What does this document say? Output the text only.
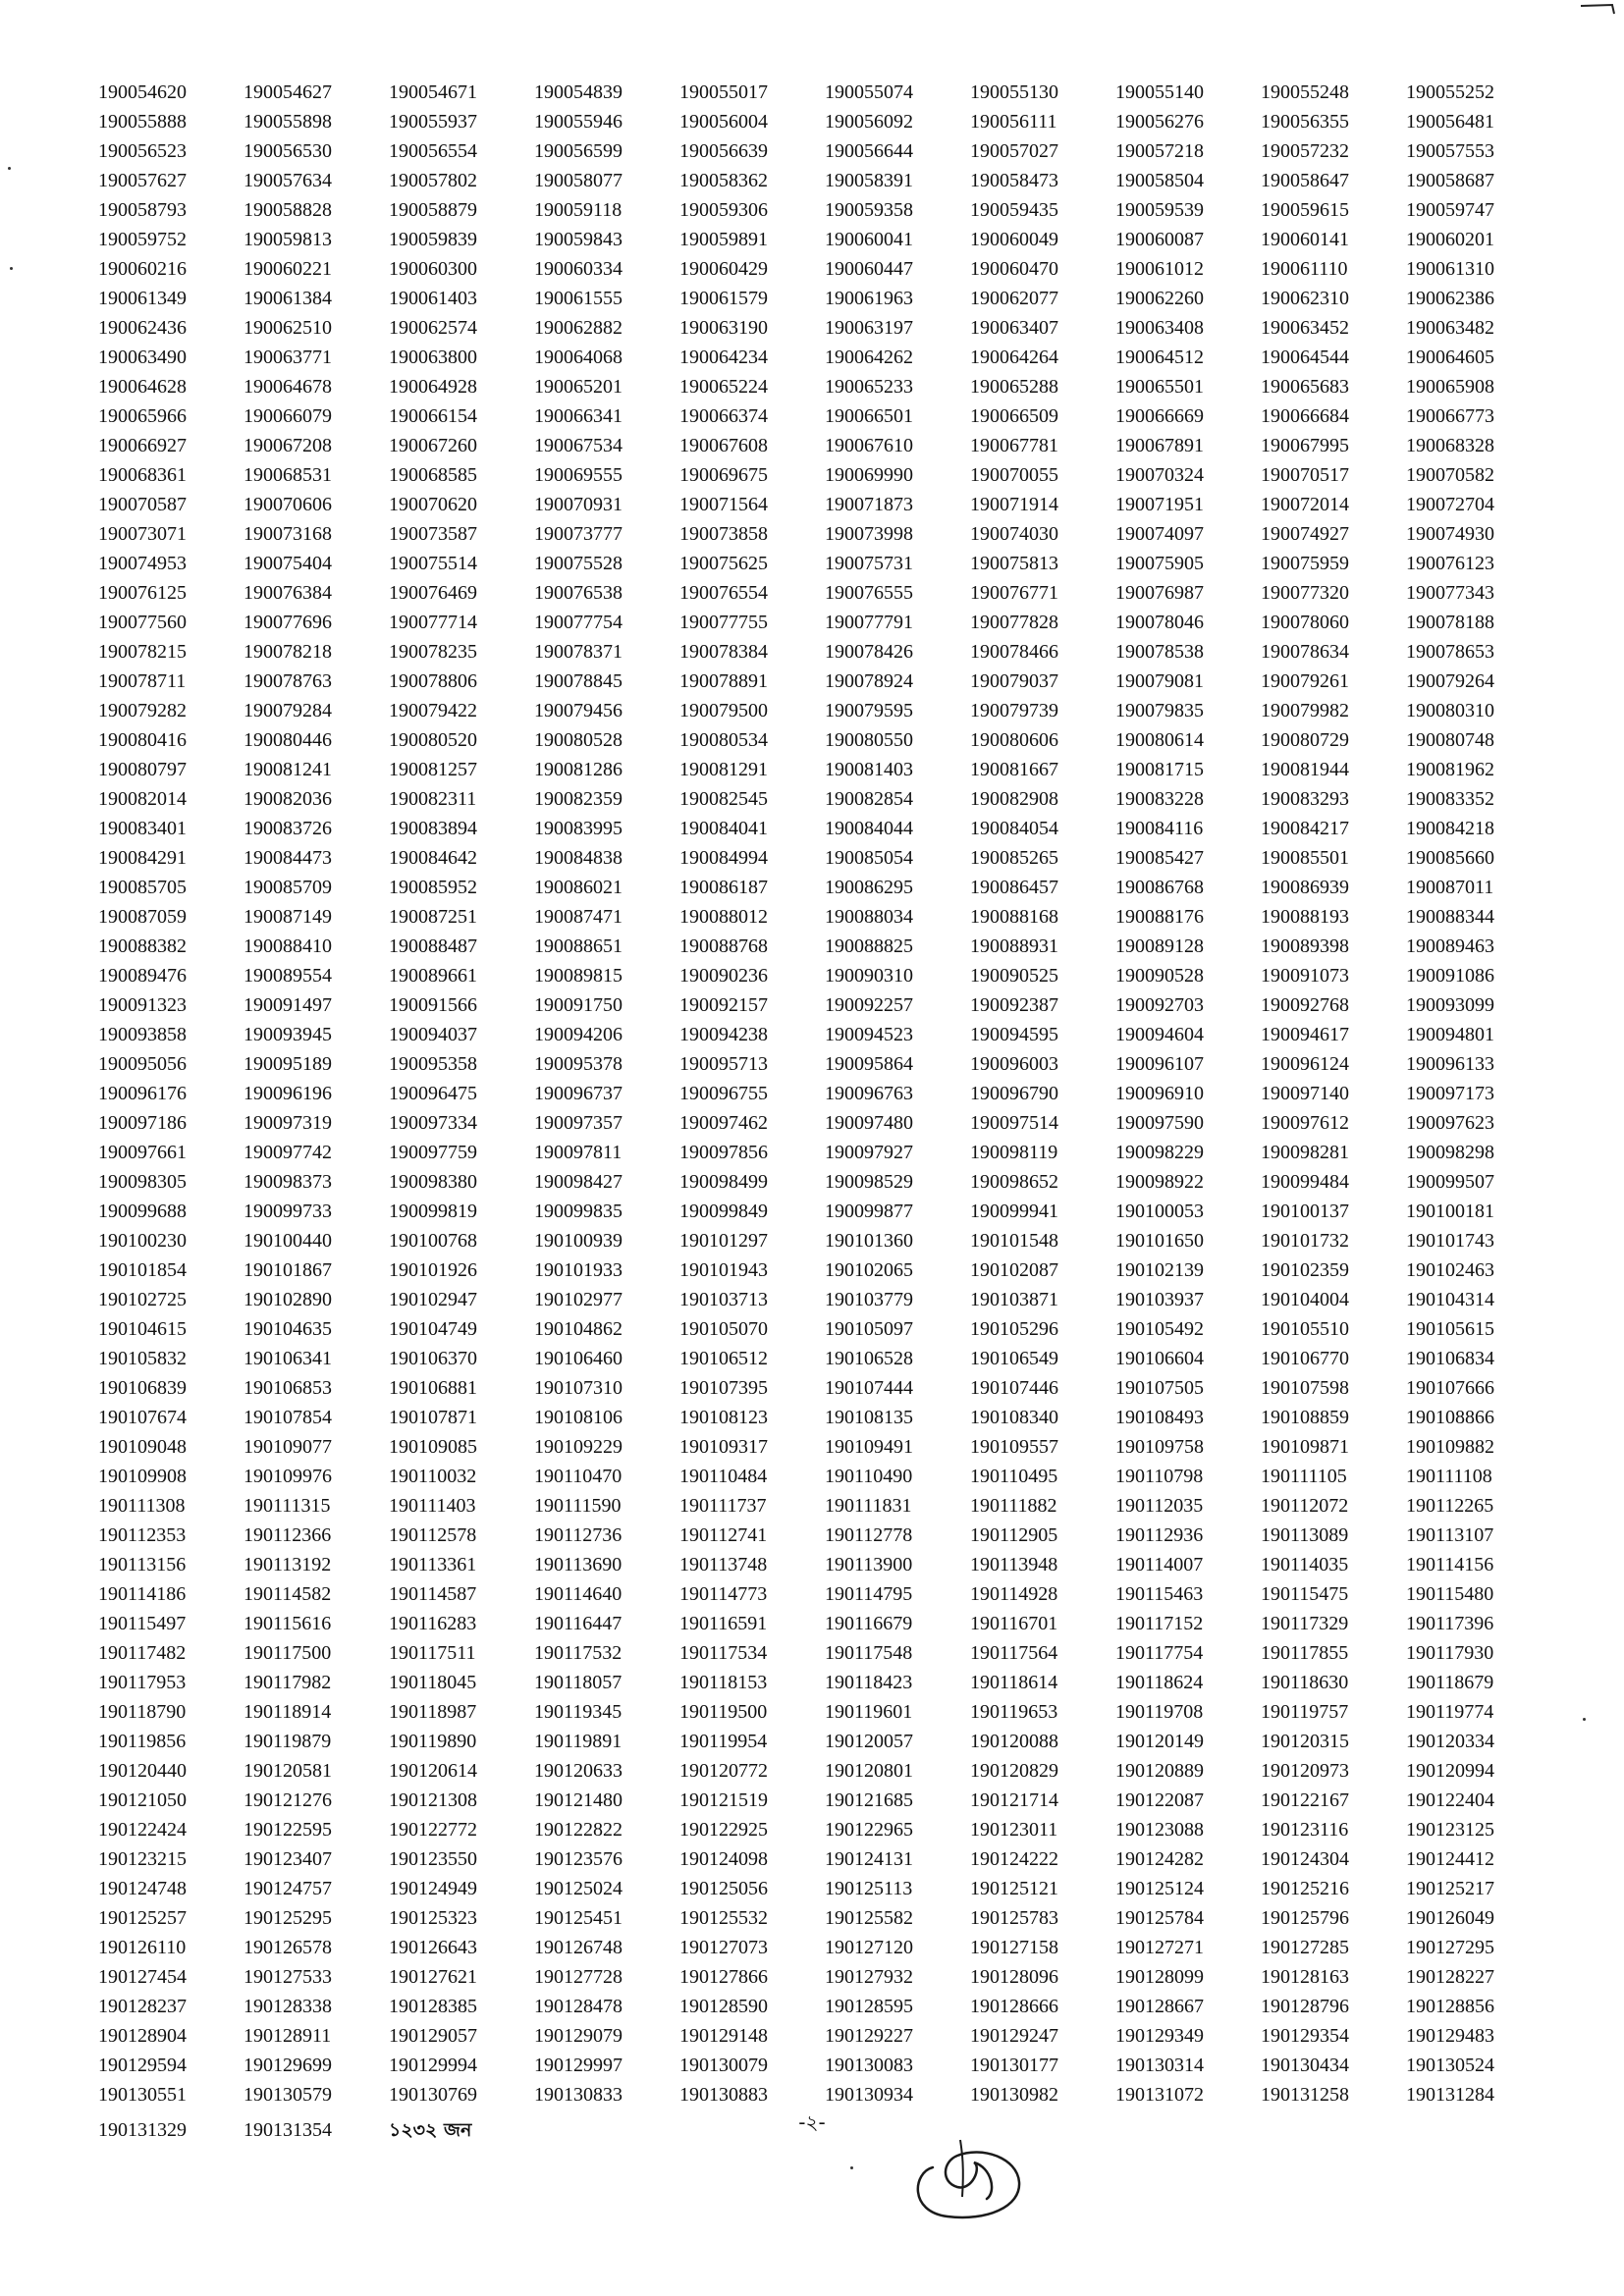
190054620	190054627	190054671	190054839	190055017	190055074	190055130	190055140	190055248	190055252
190055888	190055898	190055937	190055946	190056004	190056092	190056111	190056276	190056355	190056481
190056523	190056530	190056554	190056599	190056639	190056644	190057027	190057218	190057232	190057553
190057627	190057634	190057802	190058077	190058362	190058391	190058473	190058504	190058647	190058687
190058793	190058828	190058879	190059118	190059306	190059358	190059435	190059539	190059615	190059747
190059752	190059813	190059839	190059843	190059891	190060041	190060049	190060087	190060141	190060201
190060216	190060221	190060300	190060334	190060429	190060447	190060470	190061012	190061110	190061310
190061349	190061384	190061403	190061555	190061579	190061963	190062077	190062260	190062310	190062386
190062436	190062510	190062574	190062882	190063190	190063197	190063407	190063408	190063452	190063482
190063490	190063771	190063800	190064068	190064234	190064262	190064264	190064512	190064544	190064605
190064628	190064678	190064928	190065201	190065224	190065233	190065288	190065501	190065683	190065908
190065966	190066079	190066154	190066341	190066374	190066501	190066509	190066669	190066684	190066773
190066927	190067208	190067260	190067534	190067608	190067610	190067781	190067891	190067995	190068328
190068361	190068531	190068585	190069555	190069675	190069990	190070055	190070324	190070517	190070582
190070587	190070606	190070620	190070931	190071564	190071873	190071914	190071951	190072014	190072704
190073071	190073168	190073587	190073777	190073858	190073998	190074030	190074097	190074927	190074930
190074953	190075404	190075514	190075528	190075625	190075731	190075813	190075905	190075959	190076123
190076125	190076384	190076469	190076538	190076554	190076555	190076771	190076987	190077320	190077343
190077560	190077696	190077714	190077754	190077755	190077791	190077828	190078046	190078060	190078188
190078215	190078218	190078235	190078371	190078384	190078426	190078466	190078538	190078634	190078653
190078711	190078763	190078806	190078845	190078891	190078924	190079037	190079081	190079261	190079264
190079282	190079284	190079422	190079456	190079500	190079595	190079739	190079835	190079982	190080310
190080416	190080446	190080520	190080528	190080534	190080550	190080606	190080614	190080729	190080748
190080797	190081241	190081257	190081286	190081291	190081403	190081667	190081715	190081944	190081962
190082014	190082036	190082311	190082359	190082545	190082854	190082908	190083228	190083293	190083352
190083401	190083726	190083894	190083995	190084041	190084044	190084054	190084116	190084217	190084218
190084291	190084473	190084642	190084838	190084994	190085054	190085265	190085427	190085501	190085660
190085705	190085709	190085952	190086021	190086187	190086295	190086457	190086768	190086939	190087011
190087059	190087149	190087251	190087471	190088012	190088034	190088168	190088176	190088193	190088344
190088382	190088410	190088487	190088651	190088768	190088825	190088931	190089128	190089398	190089463
190089476	190089554	190089661	190089815	190090236	190090310	190090525	190090528	190091073	190091086
190091323	190091497	190091566	190091750	190092157	190092257	190092387	190092703	190092768	190093099
190093858	190093945	190094037	190094206	190094238	190094523	190094595	190094604	190094617	190094801
190095056	190095189	190095358	190095378	190095713	190095864	190096003	190096107	190096124	190096133
190096176	190096196	190096475	190096737	190096755	190096763	190096790	190096910	190097140	190097173
190097186	190097319	190097334	190097357	190097462	190097480	190097514	190097590	190097612	190097623
190097661	190097742	190097759	190097811	190097856	190097927	190098119	190098229	190098281	190098298
190098305	190098373	190098380	190098427	190098499	190098529	190098652	190098922	190099484	190099507
190099688	190099733	190099819	190099835	190099849	190099877	190099941	190100053	190100137	190100181
190100230	190100440	190100768	190100939	190101297	190101360	190101548	190101650	190101732	190101743
190101854	190101867	190101926	190101933	190101943	190102065	190102087	190102139	190102359	190102463
190102725	190102890	190102947	190102977	190103713	190103779	190103871	190103937	190104004	190104314
190104615	190104635	190104749	190104862	190105070	190105097	190105296	190105492	190105510	190105615
190105832	190106341	190106370	190106460	190106512	190106528	190106549	190106604	190106770	190106834
190106839	190106853	190106881	190107310	190107395	190107444	190107446	190107505	190107598	190107666
190107674	190107854	190107871	190108106	190108123	190108135	190108340	190108493	190108859	190108866
190109048	190109077	190109085	190109229	190109317	190109491	190109557	190109758	190109871	190109882
190109908	190109976	190110032	190110470	190110484	190110490	190110495	190110798	190111105	190111108
190111308	190111315	190111403	190111590	190111737	190111831	190111882	190112035	190112072	190112265
190112353	190112366	190112578	190112736	190112741	190112778	190112905	190112936	190113089	190113107
190113156	190113192	190113361	190113690	190113748	190113900	190113948	190114007	190114035	190114156
190114186	190114582	190114587	190114640	190114773	190114795	190114928	190115463	190115475	190115480
190115497	190115616	190116283	190116447	190116591	190116679	190116701	190117152	190117329	190117396
190117482	190117500	190117511	190117532	190117534	190117548	190117564	190117754	190117855	190117930
190117953	190117982	190118045	190118057	190118153	190118423	190118614	190118624	190118630	190118679
190118790	190118914	190118987	190119345	190119500	190119601	190119653	190119708	190119757	190119774
190119856	190119879	190119890	190119891	190119954	190120057	190120088	190120149	190120315	190120334
190120440	190120581	190120614	190120633	190120772	190120801	190120829	190120889	190120973	190120994
190121050	190121276	190121308	190121480	190121519	190121685	190121714	190122087	190122167	190122404
190122424	190122595	190122772	190122822	190122925	190122965	190123011	190123088	190123116	190123125
190123215	190123407	190123550	190123576	190124098	190124131	190124222	190124282	190124304	190124412
190124748	190124757	190124949	190125024	190125056	190125113	190125121	190125124	190125216	190125217
190125257	190125295	190125323	190125451	190125532	190125582	190125783	190125784	190125796	190126049
190126110	190126578	190126643	190126748	190127073	190127120	190127158	190127271	190127285	190127295
190127454	190127533	190127621	190127728	190127866	190127932	190128096	190128099	190128163	190128227
190128237	190128338	190128385	190128478	190128590	190128595	190128666	190128667	190128796	190128856
190128904	190128911	190129057	190129079	190129148	190129227	190129247	190129349	190129354	190129483
190129594	190129699	190129994	190129997	190130079	190130083	190130177	190130314	190130434	190130524
190130551	190130579	190130769	190130833	190130883	190130934	190130982	190131072	190131258	190131284
190131329	190131354	১২৩২ জন	-২-
